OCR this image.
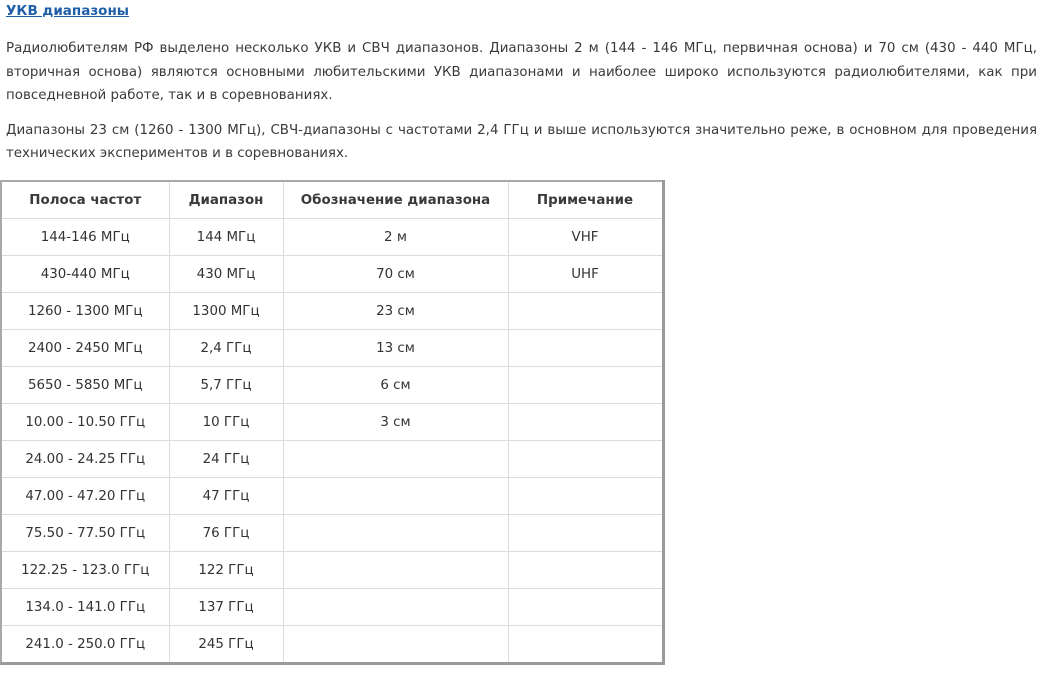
УКВ диапазоны

Радиолюбителям РФ выделено несколько УКВ и СВЧ диапазонов. Диапазоны 2 м (144 - 146 МГц, первичная основа) и 70 см (430 - 440 МГц, вторичная основа) являются основными любительскими УКВ диапазонами и наиболее широко используются радиолюбителями, как при повседневной работе, так и в соревнованиях.

Диапазоны 23 см (1260 - 1300 МГц), СВЧ-диапазоны с частотами 2,4 ГГц и выше используются значительно реже, в основном для проведения технических экспериментов и в соревнованиях.

Полоса частот	Диапазон	Обозначение диапазона	Примечание
144-146 МГц	144 МГц	2 м	VHF
430-440 МГц	430 МГц	70 см	UHF
1260 - 1300 МГц	1300 МГц	23 см	
2400 - 2450 МГц	2,4 ГГц	13 см	
5650 - 5850 МГц	5,7 ГГц	6 см	
10.00 - 10.50 ГГц	10 ГГц	3 см	
24.00 - 24.25 ГГц	24 ГГц		
47.00 - 47.20 ГГц	47 ГГц		
75.50 - 77.50 ГГц	76 ГГц		
122.25 - 123.0 ГГц	122 ГГц		
134.0 - 141.0 ГГц	137 ГГц		
241.0 - 250.0 ГГц	245 ГГц		
